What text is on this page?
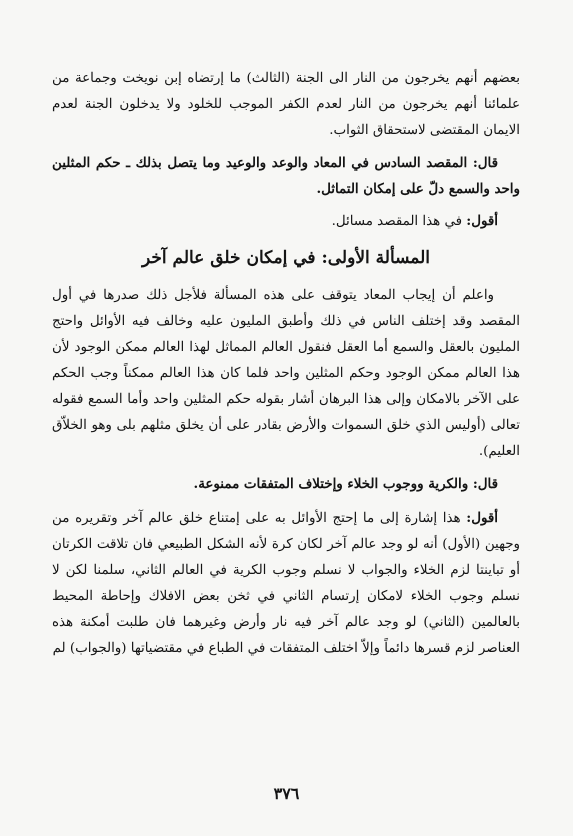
بعضهم أنهم يخرجون من النار الى الجنة (الثالث) ما إرتضاه إبن نويخت وجماعة من علمائنا أنهم يخرجون من النار لعدم الكفر الموجب للخلود ولا يدخلون الجنة لعدم الايمان المقتضى لاستحقاق الثواب.

قال: المقصد السادس في المعاد والوعد والوعيد وما يتصل بذلك ـ حكم المثلين واحد والسمع دلّ على إمكان التماثل.

أقول: في هذا المقصد مسائل.

المسألة الأولى: في إمكان خلق عالم آخر

واعلم أن إيجاب المعاد يتوقف على هذه المسألة فلأجل ذلك صدرها في أول المقصد وقد إختلف الناس في ذلك وأطبق المليون عليه وخالف فيه الأوائل واحتج المليون بالعقل والسمع أما العقل فنقول العالم المماثل لهذا العالم ممكن الوجود لأن هذا العالم ممكن الوجود وحكم المثلين واحد فلما كان هذا العالم ممكناً وجب الحكم على الآخر بالامكان وإلى هذا البرهان أشار بقوله حكم المثلين واحد وأما السمع فقوله تعالى (أوليس الذي خلق السموات والأرض بقادر على أن يخلق مثلهم بلى وهو الخلاّق العليم).

قال: والكرية ووجوب الخلاء وإختلاف المتفقات ممنوعة.

أقول: هذا إشارة إلى ما إحتج الأوائل به على إمتناع خلق عالم آخر وتقريره من وجهين (الأول) أنه لو وجد عالم آخر لكان كرة لأنه الشكل الطبيعي فان تلاقت الكرتان أو تباينتا لزم الخلاء والجواب لا نسلم وجوب الكرية في العالم الثاني، سلمنا لكن لا نسلم وجوب الخلاء لامكان إرتسام الثاني في ثخن بعض الافلاك وإحاطة المحيط بالعالمين (الثاني) لو وجد عالم آخر فيه نار وأرض وغيرهما فان طلبت أمكنة هذه العناصر لزم قسرها دائماً وإلاّ اختلف المتفقات في الطباع في مقتضياتها (والجواب) لم

٣٧٦
